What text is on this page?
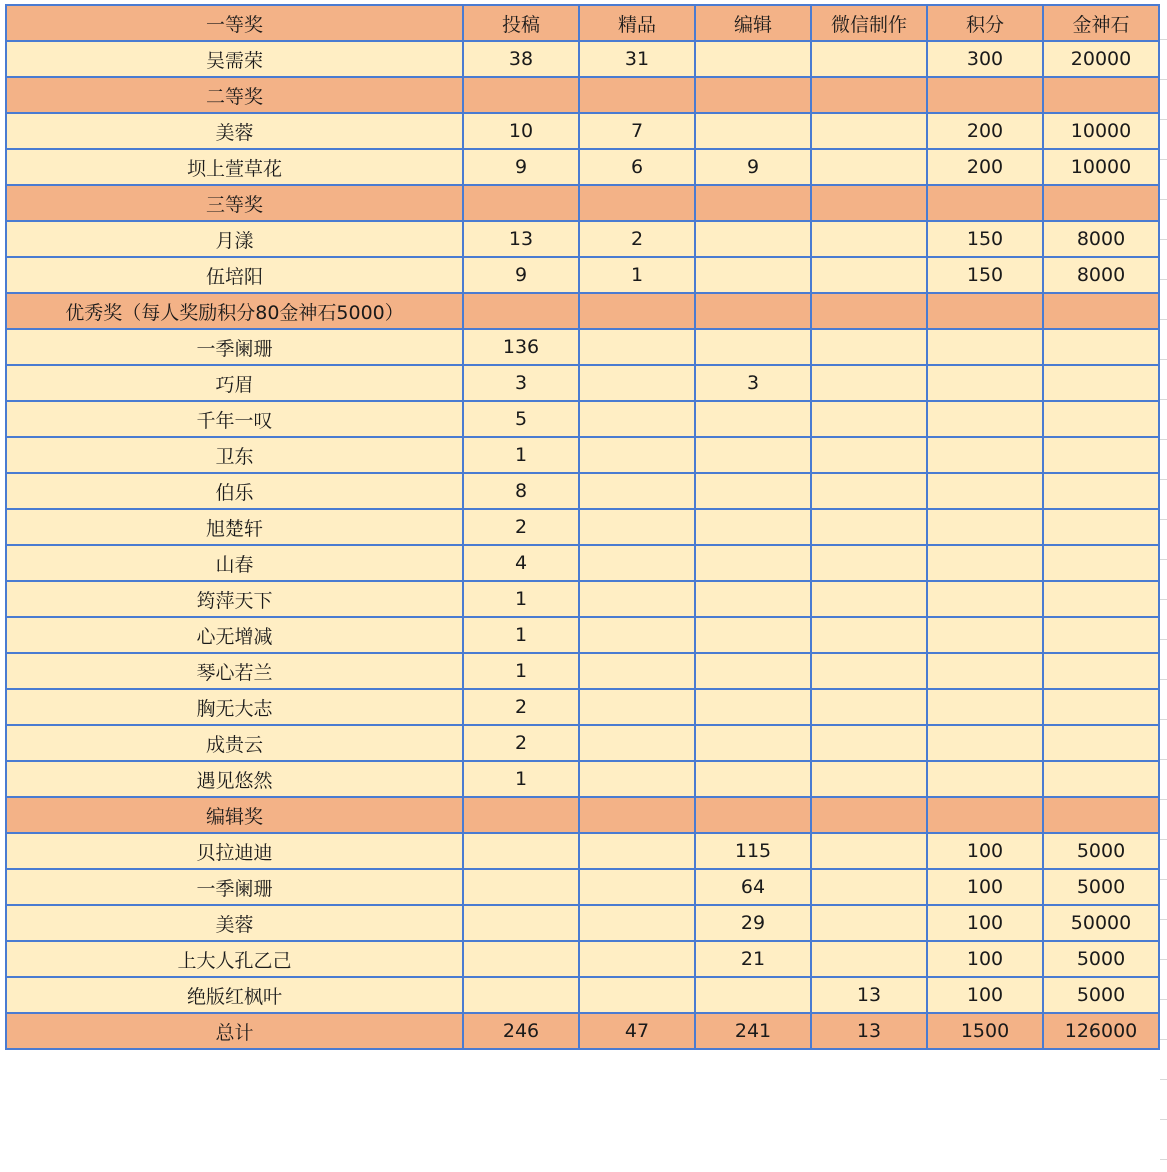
一等奖	投稿	精品	编辑	微信制作	积分	金神石
吴需荣	38	31			300	20000
二等奖						
美蓉	10	7			200	10000
坝上萱草花	9	6	9		200	10000
三等奖						
月漾	13	2			150	8000
伍培阳	9	1			150	8000
优秀奖（每人奖励积分80金神石5000）						
一季阑珊	136					
巧眉	3		3			
千年一叹	5					
卫东	1					
伯乐	8					
旭楚轩	2					
山春	4					
筠萍天下	1					
心无增减	1					
琴心若兰	1					
胸无大志	2					
成贵云	2					
遇见悠然	1					
编辑奖						
贝拉迪迪			115		100	5000
一季阑珊			64		100	5000
美蓉			29		100	50000
上大人孔乙己			21		100	5000
绝版红枫叶				13	100	5000
总计	246	47	241	13	1500	126000
